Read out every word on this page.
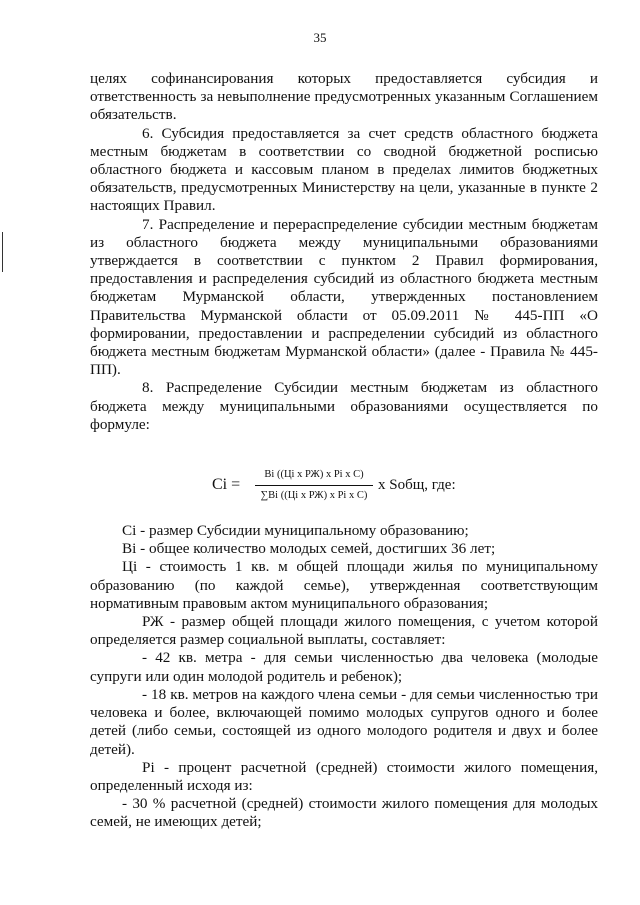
35

целях софинансирования которых предоставляется субсидия и ответственность за невыполнение предусмотренных указанным Соглашением обязательств.

6. Субсидия предоставляется за счет средств областного бюджета местным бюджетам в соответствии со сводной бюджетной росписью областного бюджета и кассовым планом в пределах лимитов бюджетных обязательств, предусмотренных Министерству на цели, указанные в пункте 2 настоящих Правил.

7. Распределение и перераспределение субсидии местным бюджетам из областного бюджета между муниципальными образованиями утверждается в соответствии с пунктом 2 Правил формирования, предоставления и распределения субсидий из областного бюджета местным бюджетам Мурманской области, утвержденных постановлением Правительства Мурманской области от 05.09.2011 № 445-ПП «О формировании, предоставлении и распределении субсидий из областного бюджета местным бюджетам Мурманской области» (далее - Правила № 445-ПП).

8. Распределение Субсидии местным бюджетам из областного бюджета между муниципальными образованиями осуществляется по формуле:

Ci =
Bi ((Цi x РЖ) x Pi x C)
∑Bi ((Цi x РЖ) x Pi x C)
x Sобщ, где:

Ci - размер Субсидии муниципальному образованию;

Bi - общее количество молодых семей, достигших 36 лет;

Цi - стоимость 1 кв. м общей площади жилья по муниципальному образованию (по каждой семье), утвержденная соответствующим нормативным правовым актом муниципального образования;

РЖ - размер общей площади жилого помещения, с учетом которой определяется размер социальной выплаты, составляет:

- 42 кв. метра - для семьи численностью два человека (молодые супруги или один молодой родитель и ребенок);

- 18 кв. метров на каждого члена семьи - для семьи численностью три человека и более, включающей помимо молодых супругов одного и более детей (либо семьи, состоящей из одного молодого родителя и двух и более детей).

Pi - процент расчетной (средней) стоимости жилого помещения, определенный исходя из:

- 30 % расчетной (средней) стоимости жилого помещения для молодых семей, не имеющих детей;
